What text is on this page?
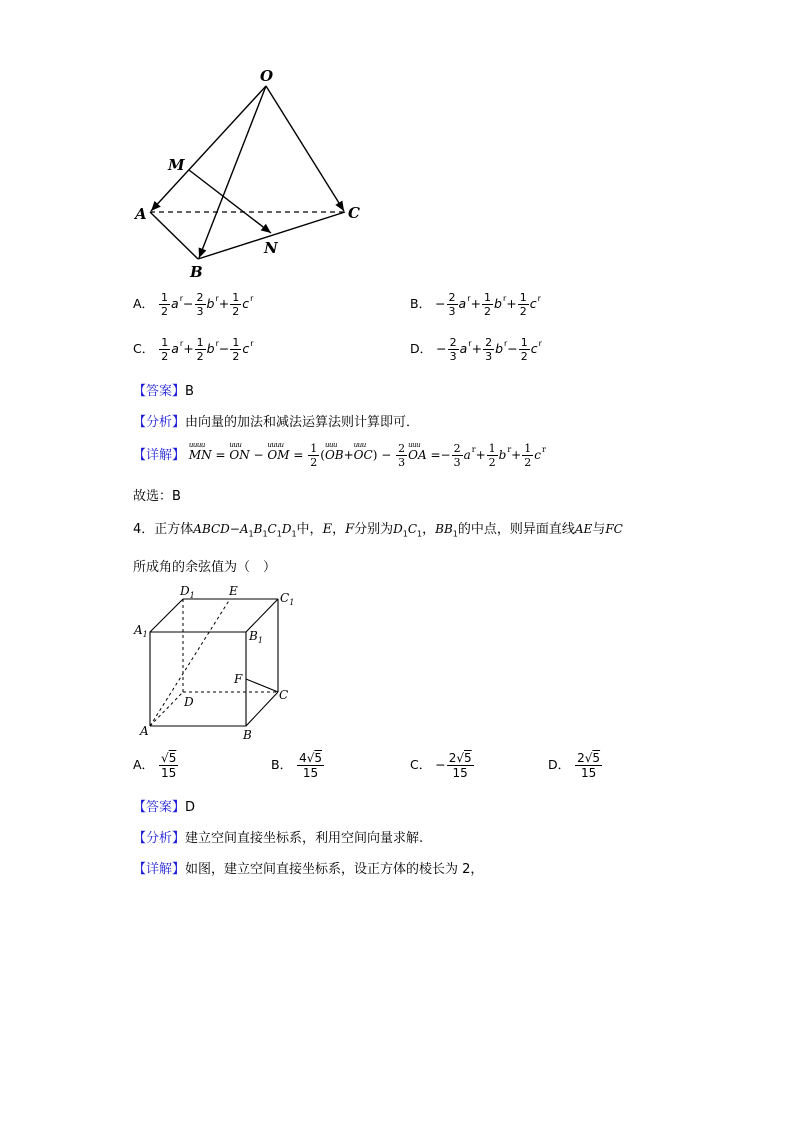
O
M
A	C
N
B
A． $\frac{1}{2} a^r- \frac{2}{3} b^r+ \frac{1}{2} c^r$	B． − $\frac{2}{3} a^r+ \frac{1}{2} b^r+ \frac{1}{2} c^r$
C． $\frac{1}{2} a^r+ \frac{1}{2} b^r- \frac{1}{2} c^r$	D． − $\frac{2}{3} a^r+ \frac{2}{3} b^r- \frac{1}{2} c^r$
【答案】B
【分析】由向量的加法和减法运算法则计算即可．
【详解】
uuuu
MN =
uuu
ON −
uuuu
OM = $\frac{1}{2}$ (
uuu
OB+
uuu
$OC) - \frac{2}{3}$ uuu
OA =− $\frac{2}{3} a^r+ \frac{1}{2} b^r+ \frac{1}{2} c^r$
故选：B
4．正方体$ABCD-A_1B_1C_1D_1$中，E，F分别为$D_1C_1$，$BB_1$的中点，则异面直线AE与FC
所成角的余弦值为（　）
$D_1$	E	$C_1$
$A_1$	$B_1$
F
C
D
A	B
A． $\frac{√5}{15}$	B． $\frac{4√5}{15}$	C． − $\frac{2√5}{15}$	D． $\frac{2√5}{15}$
【答案】D
【分析】建立空间直接坐标系，利用空间向量求解.
【详解】如图，建立空间直接坐标系，设正方体的棱长为 2，
